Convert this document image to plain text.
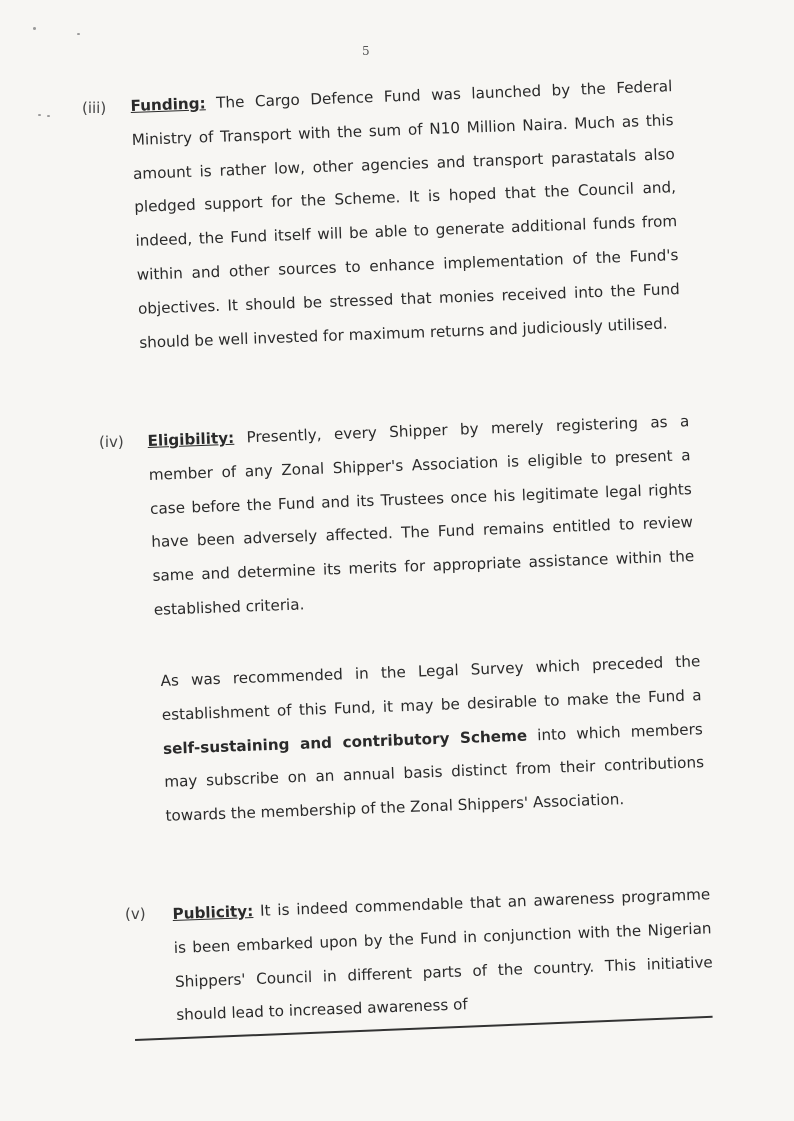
5
(iii) Funding: The Cargo Defence Fund was launched by the Federal Ministry of Transport with the sum of N10 Million Naira. Much as this amount is rather low, other agencies and transport parastatals also pledged support for the Scheme. It is hoped that the Council and, indeed, the Fund itself will be able to generate additional funds from within and other sources to enhance implementation of the Fund's objectives. It should be stressed that monies received into the Fund should be well invested for maximum returns and judiciously utilised.
(iv) Eligibility: Presently, every Shipper by merely registering as a member of any Zonal Shipper's Association is eligible to present a case before the Fund and its Trustees once his legitimate legal rights have been adversely affected. The Fund remains entitled to review same and determine its merits for appropriate assistance within the established criteria.
As was recommended in the Legal Survey which preceded the establishment of this Fund, it may be desirable to make the Fund a self-sustaining and contributory Scheme into which members may subscribe on an annual basis distinct from their contributions towards the membership of the Zonal Shippers' Association.
(v) Publicity: It is indeed commendable that an awareness programme is been embarked upon by the Fund in conjunction with the Nigerian Shippers' Council in different parts of the country. This initiative should lead to increased awareness of
